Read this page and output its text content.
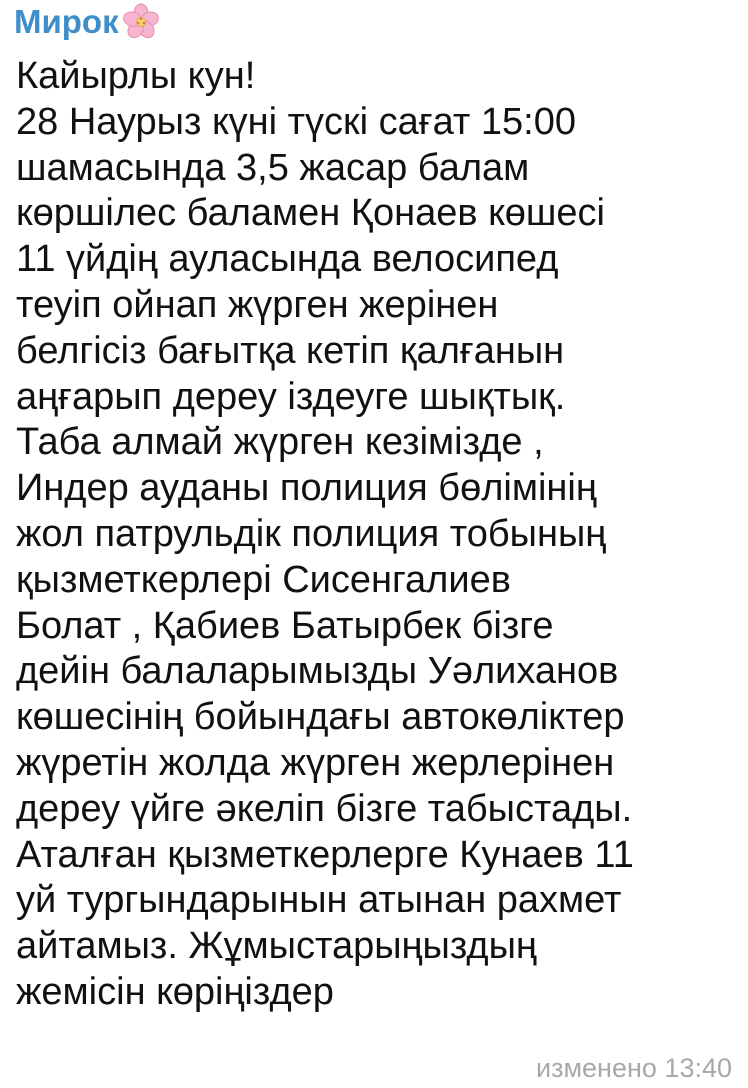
Мирок
Кайырлы кун!
28 Наурыз күні түскі сағат 15:00
шамасында 3,5 жасар балам
көршілес баламен Қонаев көшесі
11 үйдің ауласында велосипед
теуіп ойнап жүрген жерінен
белгісіз бағытқа кетіп қалғанын
аңғарып дереу іздеуге шықтық.
Таба алмай жүрген кезімізде ,
Индер ауданы полиция бөлімінің
жол патрульдік полиция тобының
қызметкерлері Сисенгалиев
Болат , Қабиев Батырбек бізге
дейін балаларымызды Уәлиханов
көшесінің бойындағы автокөліктер
жүретін жолда жүрген жерлерінен
дереу үйге әкеліп бізге табыстады.
Аталған қызметкерлерге Кунаев 11
уй тургындарынын атынан рахмет
айтамыз. Жұмыстарыңыздың
жемісін көріңіздер
изменено 13:40
